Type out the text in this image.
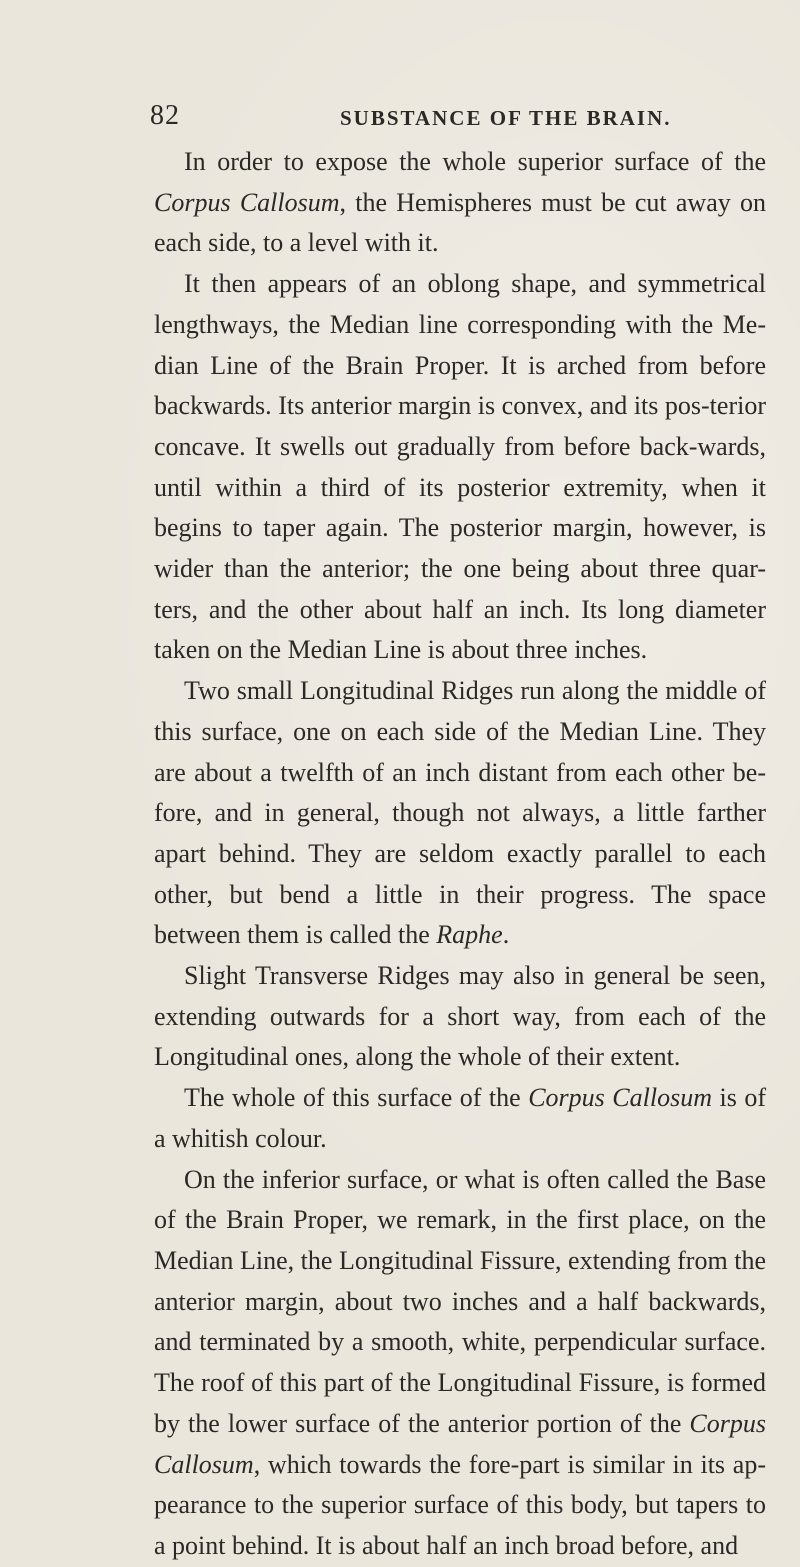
82	SUBSTANCE OF THE BRAIN.

In order to expose the whole superior surface of the Corpus Callosum, the Hemispheres must be cut away on each side, to a level with it.

It then appears of an oblong shape, and symmetrical lengthways, the Median line corresponding with the Me-dian Line of the Brain Proper. It is arched from before backwards. Its anterior margin is convex, and its pos-terior concave. It swells out gradually from before back-wards, until within a third of its posterior extremity, when it begins to taper again. The posterior margin, however, is wider than the anterior; the one being about three quar-ters, and the other about half an inch. Its long diameter taken on the Median Line is about three inches.

Two small Longitudinal Ridges run along the middle of this surface, one on each side of the Median Line. They are about a twelfth of an inch distant from each other be-fore, and in general, though not always, a little farther apart behind. They are seldom exactly parallel to each other, but bend a little in their progress. The space between them is called the Raphe.

Slight Transverse Ridges may also in general be seen, extending outwards for a short way, from each of the Longitudinal ones, along the whole of their extent.

The whole of this surface of the Corpus Callosum is of a whitish colour.

On the inferior surface, or what is often called the Base of the Brain Proper, we remark, in the first place, on the Median Line, the Longitudinal Fissure, extending from the anterior margin, about two inches and a half backwards, and terminated by a smooth, white, perpendicular surface. The roof of this part of the Longitudinal Fissure, is formed by the lower surface of the anterior portion of the Corpus Callosum, which towards the fore-part is similar in its ap-pearance to the superior surface of this body, but tapers to a point behind. It is about half an inch broad before, and
